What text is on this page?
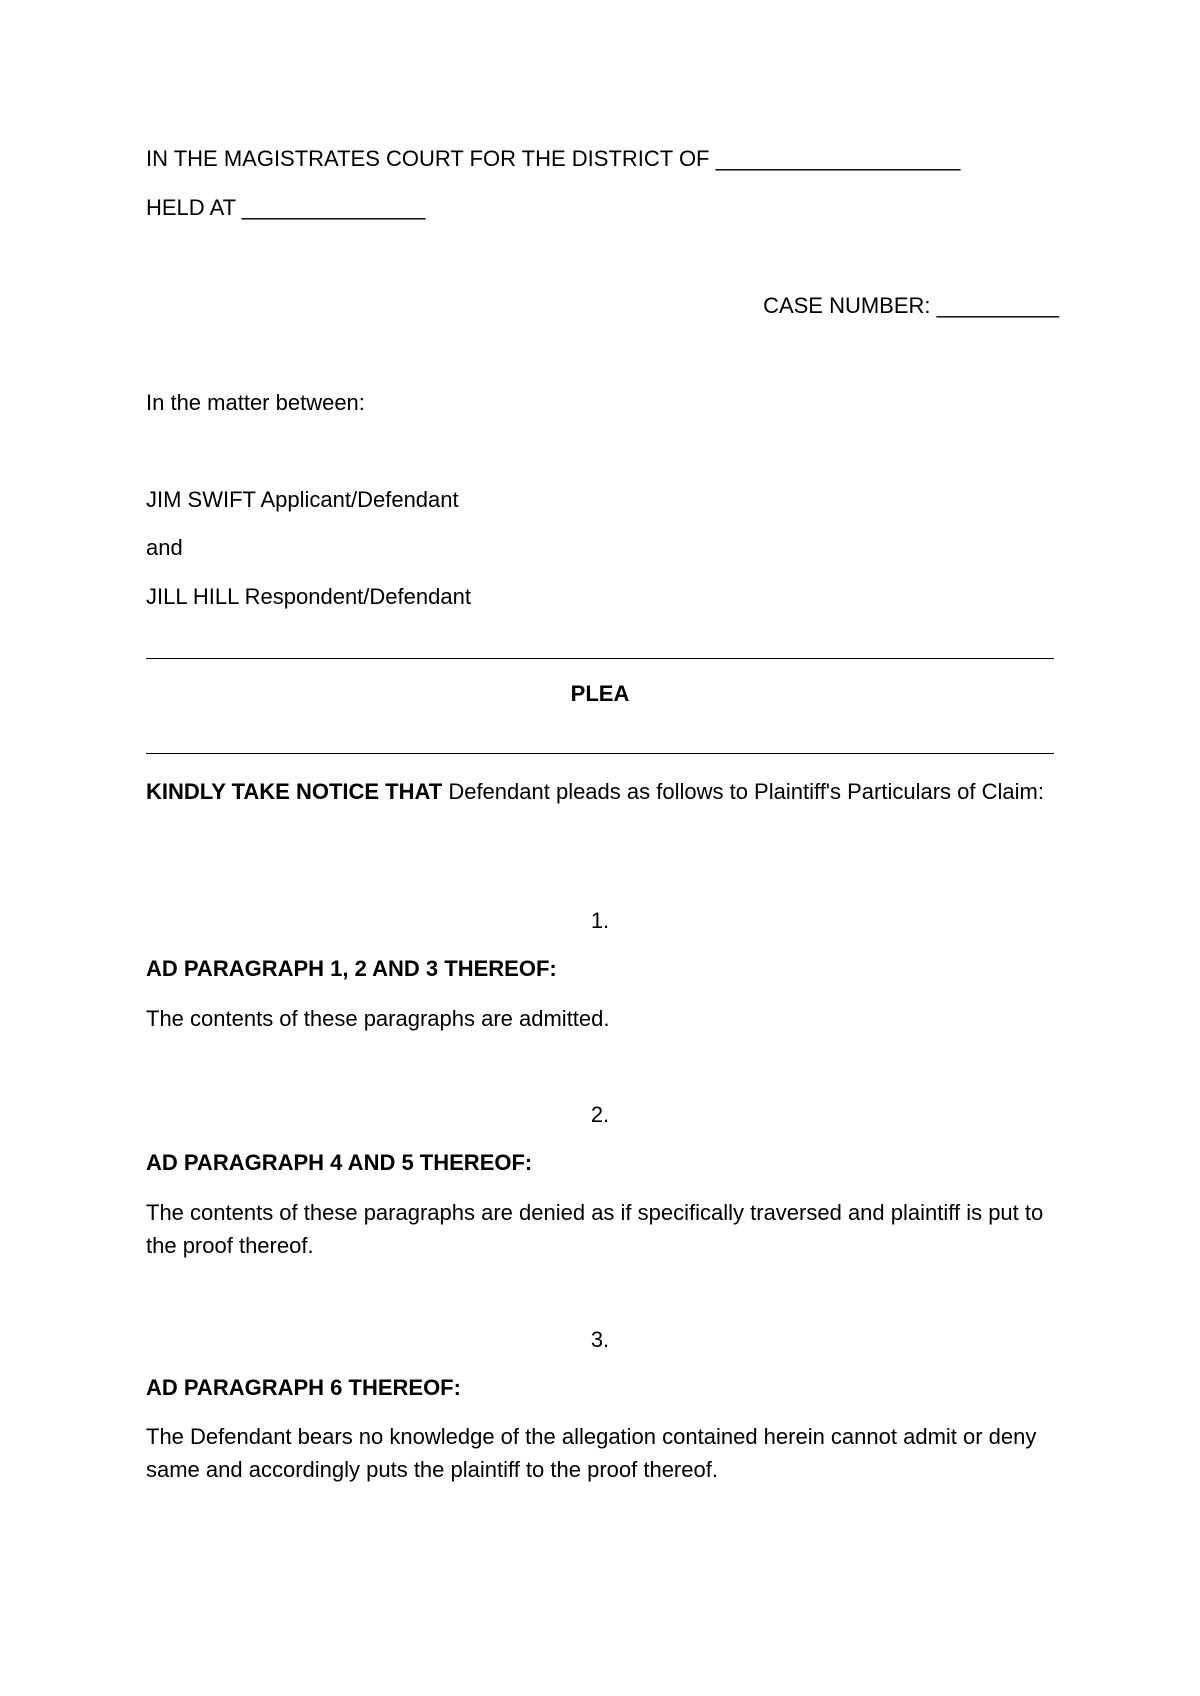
IN THE MAGISTRATES COURT FOR THE DISTRICT OF ____________________

HELD AT _______________

CASE NUMBER: __________

In the matter between:

JIM SWIFT Applicant/Defendant

and

JILL HILL Respondent/Defendant

PLEA

KINDLY TAKE NOTICE THAT Defendant pleads as follows to Plaintiff's Particulars of Claim:

1.

AD PARAGRAPH 1, 2 AND 3 THEREOF:

The contents of these paragraphs are admitted.

2.

AD PARAGRAPH 4 AND 5 THEREOF:

The contents of these paragraphs are denied as if specifically traversed and plaintiff is put to the proof thereof.

3.

AD PARAGRAPH 6 THEREOF:

The Defendant bears no knowledge of the allegation contained herein cannot admit or deny same and accordingly puts the plaintiff to the proof thereof.
